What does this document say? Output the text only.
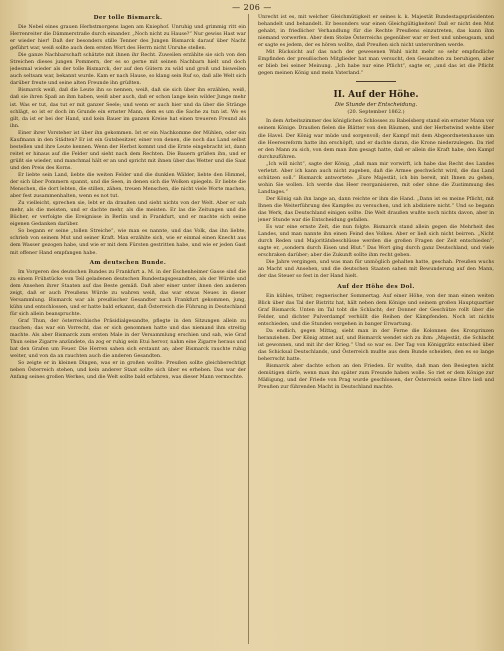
— 206 —
Der tolle Bismarck.

Die Nebel eines grauen Herbstmorgens lagen am Kniephof. Unruhig und grimmig ritt ein Herrenreiter die Dämmerstraße durch einander. „Noch nicht zu Hause?“ Nur gewiss Hast war er wieder hier! Daß der besonders stille Tenner des Jungen Bismarck darauf über Nacht geführt war, weiß sollte auch dem ersten Wort des Herrn nicht Unruhe stellen.

Die ganze Nachbarschaft schätzte mit ihnen ihr Recht. Zuweilen erzählte sie sich von den Streichen dieses jungen Pommern, der es so gerne mit seinen Nachbarn hielt und doch jedesmal wieder als der tolle Bismarck, der auf den Gütern zu wild und groß und bisweilen auch seltsam war, bekannt wurde. Kam er nach Hause, so klang sein Ruf so, daß alle Welt sich darüber freute und seine alten Freunde ihn grüßten.

Bismarck weiß, daß die Leute ihn so nennen, weiß, daß sie sich über ihn erzählen, weiß, daß sie ihren Spaß an ihm haben, weiß aber auch, daß er schon lange kein wilder Junge mehr ist. Was er tut, das tut er mit ganzer Seele; und wenn er auch hier und da über die Stränge schlägt, so ist er doch im Grunde ein ernster Mann, dem es um die Sache zu tun ist. Wo es gilt, da ist er bei der Hand, und kein Bauer im ganzen Kreise hat einen treueren Freund als ihn.

Einer ihrer Vorsteher ist über ihn gekommen. Ist er ein Nachkomme der Mühlen, oder ein Kaufmann in den Städten? Er ist ein Gutsbesitzer, einer von denen, die noch das Land selbst bestellen und ihre Leute kennen. Wenn der Herbst kommt und die Ernte eingebracht ist, dann reitet er hinaus auf die Felder und sieht nach dem Rechten. Die Bauern grüßen ihn, und er grüßt sie wieder, und manchmal hält er an und spricht mit ihnen über das Wetter und die Saat und den Preis des Korns.

Er liebte sein Land, liebte die weiten Felder und die dunklen Wälder, liebte den Himmel, der sich über Pommern spannt, und die Seen, in denen sich die Wolken spiegeln. Er liebte die Menschen, die dort lebten, die stillen, zähen, treuen Menschen, die nicht viele Worte machen, aber fest zusammenhalten, wenn es not tut.

Zu vielleicht, sprechen sie, lebt er da draußen und sieht nichts von der Welt. Aber er sah mehr, als die meisten, und er dachte mehr, als die meisten. Er las die Zeitungen und die Bücher, er verfolgte die Ereignisse in Berlin und in Frankfurt, und er machte sich seine eigenen Gedanken darüber.

So begann er seine „tollen Streiche“, wie man es nannte, und das Volk, das ihn liebte, schrieb von seinem Mut und seiner Kraft. Man erzählte sich, wie er einmal einen Knecht aus dem Wasser gezogen habe, und wie er mit dem Fürsten gestritten habe, und wie er jeden Gast mit offener Hand empfangen habe.

Am deutschen Bunde.

Im Vorgeren des deutschen Bundes zu Frankfurt a. M. in der Eschenheimer Gasse sind die zu einem Frühstücke von Teil geladenen deutschen Bundestagsgesandten, als der Würde und dem Ansehen ihrer Staaten auf das Beste gemäß. Daß aber einer unter ihnen den anderen zeigt, daß er auch Preußens Würde zu wahren weiß, das war etwas Neues in dieser Versammlung. Bismarck war als preußischer Gesandter nach Frankfurt gekommen, jung, kühn und entschlossen, und er hatte bald erkannt, daß Österreich die Führung in Deutschland für sich allein beanspruchte.

Graf Thun, der österreichische Präsidialgesandte, pflegte in den Sitzungen allein zu rauchen; das war ein Vorrecht, das er sich genommen hatte und das niemand ihm streitig machte. Als aber Bismarck zum ersten Male in der Versammlung erschien und sah, wie Graf Thun seine Zigarre anzündete, da zog er ruhig sein Etui hervor, nahm eine Zigarre heraus und bat den Grafen um Feuer. Die Herren sahen sich erstaunt an; aber Bismarck rauchte ruhig weiter, und von da an rauchten auch die anderen Gesandten.

So zeigte er in kleinen Dingen, was er in großen wollte: Preußen sollte gleichberechtigt neben Österreich stehen, und kein anderer Staat sollte sich über es erheben. Das war der Anfang seines großen Werkes, und die Welt sollte bald erfahren, was dieser Mann vermochte.

Unrecht ist es, mit welcher Gleichmütigkeit er seines k. k. Majestät Bundestagspräsidenten behandelt und behandelt. Er besonders war einen Gleichgültigkeiten! Daß er nicht den Mut gehabt, in friedlicher Verhandlung für die Rechte Preußens einzutreten, das kann ihm niemand vorwerfen. Aber dem Stolze Österreichs gegenüber war er fest und unbeugsam, und er sagte es jedem, der es hören wollte, daß Preußen sich nicht unterordnen werde.

Mit Rücksicht auf das nach der gewesenen Wahl nicht mehr so sehr empfindliche Empfinden der preußischen Mitglieder hat man versucht, den Gesandten zu beruhigen, aber er blieb bei seiner Meinung. „Ich habe nur eine Pflicht“, sagte er, „und das ist die Pflicht gegen meinen König und mein Vaterland.“

II. Auf der Höhe.
Die Stunde der Entscheidung.
(20. September 1862.)

In dem Arbeitszimmer des königlichen Schlosses zu Babelsberg stand ein ernster Mann vor seinem Könige. Draußen fielen die Blätter von den Bäumen, und der Herbstwind wehte über die Havel. Der König war müde und sorgenvoll; der Kampf mit dem Abgeordnetenhause um die Heeresreform hatte ihn erschöpft, und er dachte daran, die Krone niederzulegen. Da rief er den Mann zu sich, von dem man ihm gesagt hatte, daß er allein die Kraft habe, den Kampf durchzuführen.

„Ich will nicht“, sagte der König, „daß man mir vorwirft, ich habe das Recht des Landes verletzt. Aber ich kann auch nicht zugeben, daß die Armee geschwächt wird, die das Land schützen soll.“ Bismarck antwortete: „Eure Majestät, ich bin bereit, mit Ihnen zu gehen, wohin Sie wollen. Ich werde das Heer reorganisieren, mit oder ohne die Zustimmung des Landtages.“

Der König sah ihn lange an, dann reichte er ihm die Hand. „Dann ist es meine Pflicht, mit Ihnen die Weiterführung des Kampfes zu versuchen, und ich abdiziere nicht.“ Und so begann das Werk, das Deutschland einigen sollte. Die Welt draußen wußte noch nichts davon, aber in jener Stunde war die Entscheidung gefallen.

Es war eine ernste Zeit, die nun folgte. Bismarck stand allein gegen die Mehrheit des Landes, und man nannte ihn einen Feind des Volkes. Aber er ließ sich nicht beirren. „Nicht durch Reden und Majoritätsbeschlüsse werden die großen Fragen der Zeit entschieden“, sagte er, „sondern durch Eisen und Blut.“ Das Wort ging durch ganz Deutschland, und viele erschraken darüber; aber die Zukunft sollte ihm recht geben.

Die Jahre vergingen, und was man für unmöglich gehalten hatte, geschah. Preußen wuchs an Macht und Ansehen, und die deutschen Staaten sahen mit Bewunderung auf den Mann, der das Steuer so fest in der Hand hielt.

Auf der Höhe des Dol.

Ein kühles, trüber, regnerischer Sommertag. Auf einer Höhe, von der man einen weiten Blick über das Tal der Bistritz hat, hält neben dem Könige und seinem großen Hauptquartier Graf Bismarck. Unten im Tal tobt die Schlacht; der Donner der Geschütze rollt über die Felder, und dichter Pulverdampf verhüllt die Reihen der Kämpfenden. Noch ist nichts entschieden, und die Stunden vergehen in banger Erwartung.

Da endlich, gegen Mittag, sieht man in der Ferne die Kolonnen des Kronprinzen heranziehen. Der König atmet auf, und Bismarck wendet sich zu ihm: „Majestät, die Schlacht ist gewonnen, und mit ihr der Krieg.“ Und so war es. Der Tag von Königgrätz entschied über das Schicksal Deutschlands, und Österreich mußte aus dem Bunde scheiden, den es so lange beherrscht hatte.

Bismarck aber dachte schon an den Frieden. Er wußte, daß man den Besiegten nicht demütigen dürfe, wenn man ihn später zum Freunde haben wolle. So riet er dem Könige zur Mäßigung, und der Friede von Prag wurde geschlossen, der Österreich seine Ehre ließ und Preußen zur führenden Macht in Deutschland machte.
